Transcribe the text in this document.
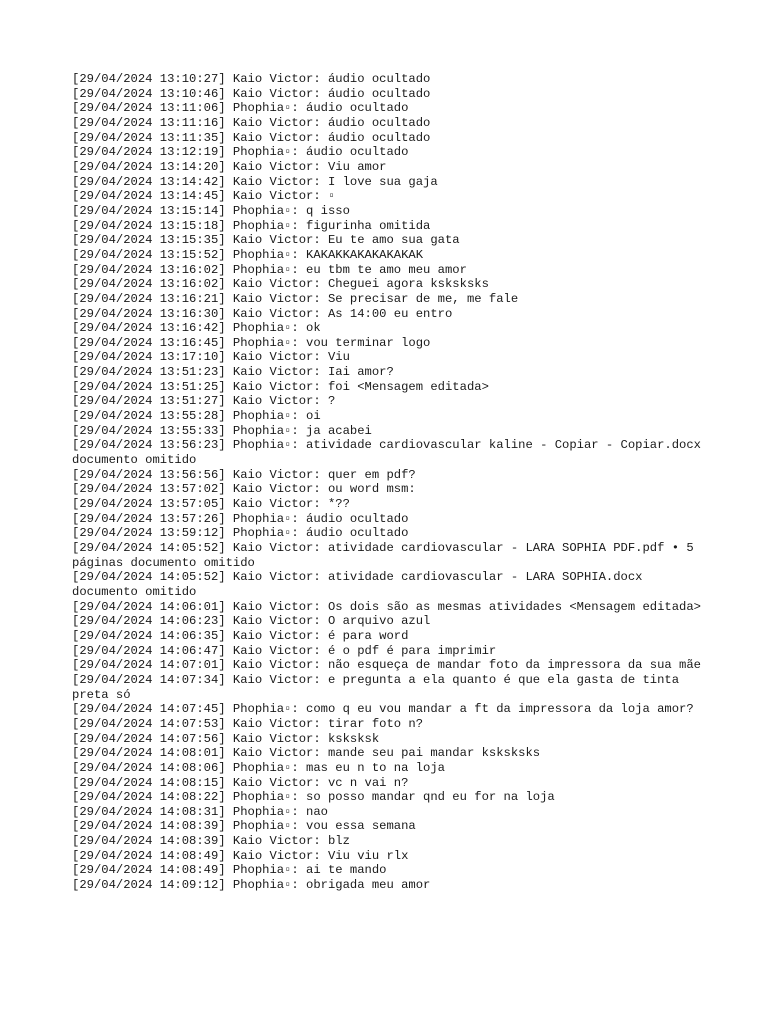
[29/04/2024 13:10:27] Kaio Victor: áudio ocultado
[29/04/2024 13:10:46] Kaio Victor: áudio ocultado
[29/04/2024 13:11:06] Phophia▫: áudio ocultado
[29/04/2024 13:11:16] Kaio Victor: áudio ocultado
[29/04/2024 13:11:35] Kaio Victor: áudio ocultado
[29/04/2024 13:12:19] Phophia▫: áudio ocultado
[29/04/2024 13:14:20] Kaio Victor: Viu amor
[29/04/2024 13:14:42] Kaio Victor: I love sua gaja
[29/04/2024 13:14:45] Kaio Victor: ▫
[29/04/2024 13:15:14] Phophia▫: q isso
[29/04/2024 13:15:18] Phophia▫: figurinha omitida
[29/04/2024 13:15:35] Kaio Victor: Eu te amo sua gata
[29/04/2024 13:15:52] Phophia▫: KAKAKKAKAKAKAKAK
[29/04/2024 13:16:02] Phophia▫: eu tbm te amo meu amor
[29/04/2024 13:16:02] Kaio Victor: Cheguei agora ksksksks
[29/04/2024 13:16:21] Kaio Victor: Se precisar de me, me fale
[29/04/2024 13:16:30] Kaio Victor: As 14:00 eu entro
[29/04/2024 13:16:42] Phophia▫: ok
[29/04/2024 13:16:45] Phophia▫: vou terminar logo
[29/04/2024 13:17:10] Kaio Victor: Viu
[29/04/2024 13:51:23] Kaio Victor: Iai amor?
[29/04/2024 13:51:25] Kaio Victor: foi <Mensagem editada>
[29/04/2024 13:51:27] Kaio Victor: ?
[29/04/2024 13:55:28] Phophia▫: oi
[29/04/2024 13:55:33] Phophia▫: ja acabei
[29/04/2024 13:56:23] Phophia▫: atividade cardiovascular kaline - Copiar - Copiar.docx documento omitido
[29/04/2024 13:56:56] Kaio Victor: quer em pdf?
[29/04/2024 13:57:02] Kaio Victor: ou word msm:
[29/04/2024 13:57:05] Kaio Victor: *??
[29/04/2024 13:57:26] Phophia▫: áudio ocultado
[29/04/2024 13:59:12] Phophia▫: áudio ocultado
[29/04/2024 14:05:52] Kaio Victor: atividade cardiovascular - LARA SOPHIA PDF.pdf • 5 páginas documento omitido
[29/04/2024 14:05:52] Kaio Victor: atividade cardiovascular - LARA SOPHIA.docx documento omitido
[29/04/2024 14:06:01] Kaio Victor: Os dois são as mesmas atividades <Mensagem editada>
[29/04/2024 14:06:23] Kaio Victor: O arquivo azul
[29/04/2024 14:06:35] Kaio Victor: é para word
[29/04/2024 14:06:47] Kaio Victor: é o pdf é para imprimir
[29/04/2024 14:07:01] Kaio Victor: não esqueça de mandar foto da impressora da sua mãe
[29/04/2024 14:07:34] Kaio Victor: e pregunta a ela quanto é que ela gasta de tinta preta só
[29/04/2024 14:07:45] Phophia▫: como q eu vou mandar a ft da impressora da loja amor?
[29/04/2024 14:07:53] Kaio Victor: tirar foto n?
[29/04/2024 14:07:56] Kaio Victor: ksksksk
[29/04/2024 14:08:01] Kaio Victor: mande seu pai mandar ksksksks
[29/04/2024 14:08:06] Phophia▫: mas eu n to na loja
[29/04/2024 14:08:15] Kaio Victor: vc n vai n?
[29/04/2024 14:08:22] Phophia▫: so posso mandar qnd eu for na loja
[29/04/2024 14:08:31] Phophia▫: nao
[29/04/2024 14:08:39] Phophia▫: vou essa semana
[29/04/2024 14:08:39] Kaio Victor: blz
[29/04/2024 14:08:49] Kaio Victor: Viu viu rlx
[29/04/2024 14:08:49] Phophia▫: ai te mando
[29/04/2024 14:09:12] Phophia▫: obrigada meu amor
